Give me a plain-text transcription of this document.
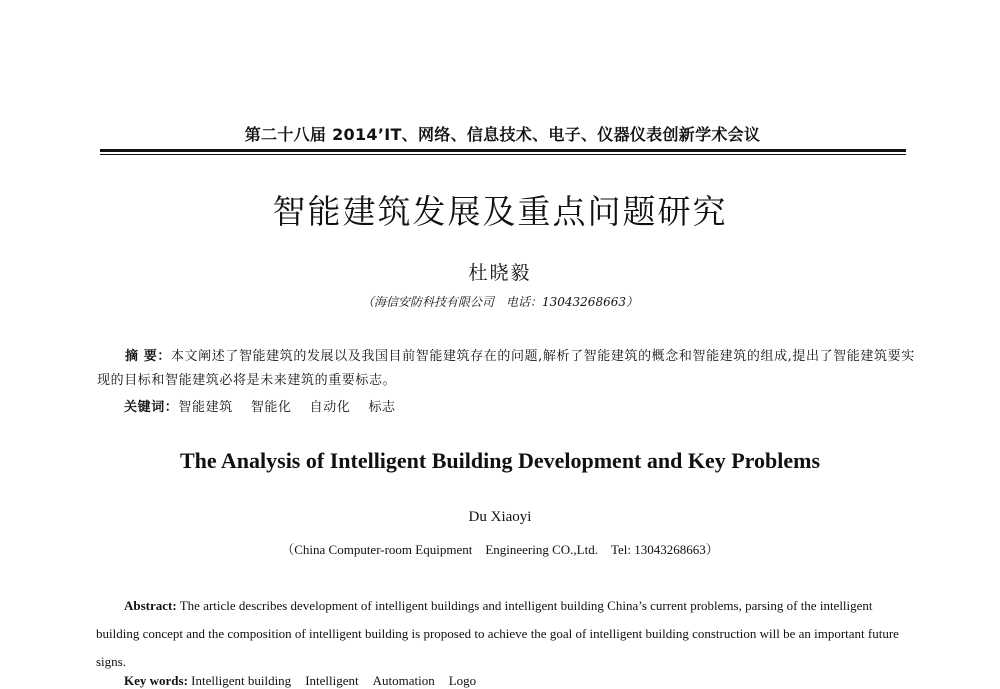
第二十八届 2014’IT、网络、信息技术、电子、仪器仪表创新学术会议
智能建筑发展及重点问题研究
杜晓毅
（海信安防科技有限公司　电话：13043268663）
摘 要：本文阐述了智能建筑的发展以及我国目前智能建筑存在的问题,解析了智能建筑的概念和智能建筑的组成,提出了智能建筑要实现的目标和智能建筑必将是未来建筑的重要标志。
关键词：智能建筑 智能化 自动化 标志
The Analysis of Intelligent Building Development and Key Problems
Du Xiaoyi
（China Computer-room Equipment　Engineering CO.,Ltd.　Tel: 13043268663）
Abstract: The article describes development of intelligent buildings and intelligent building China’s current problems, parsing of the intelligent building concept and the composition of intelligent building is proposed to achieve the goal of intelligent building construction will be an important future signs.
Key words: Intelligent building Intelligent Automation Logo
